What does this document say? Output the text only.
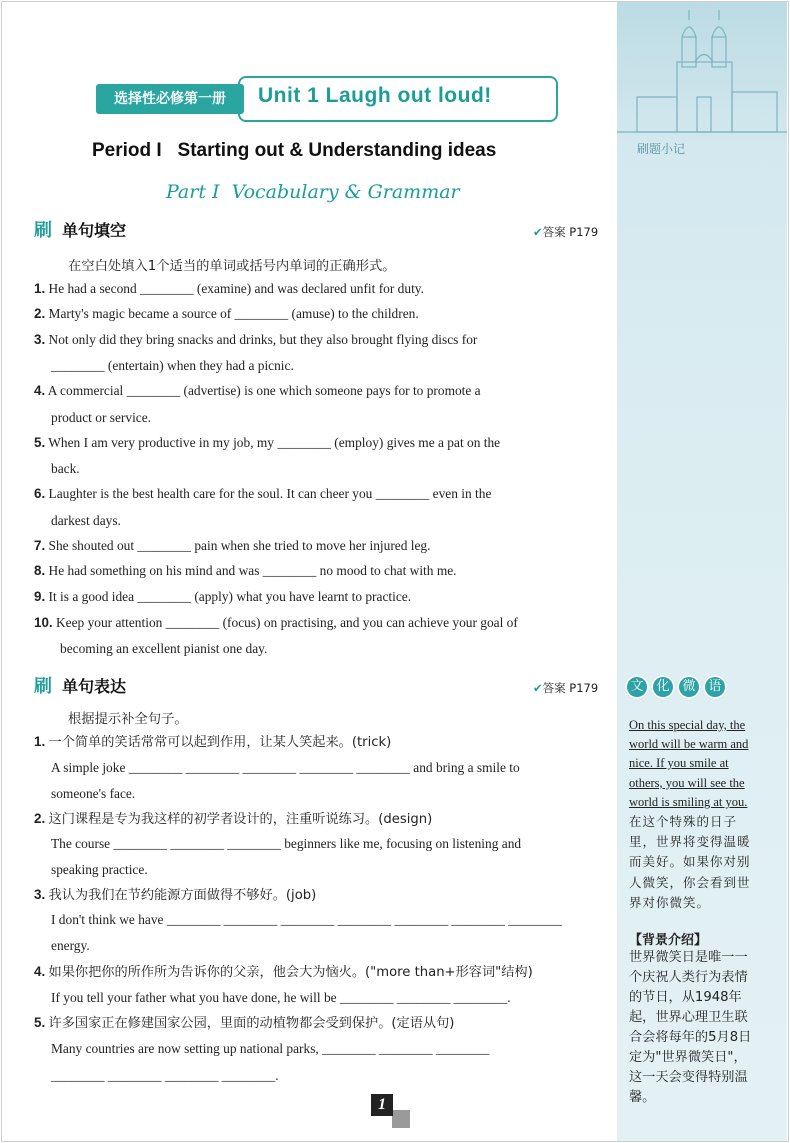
刷题小记
文 化 微 语
On this special day, the world will be warm and nice. If you smile at others, you will see the world is smiling at you.在这个特殊的日子里，世界将变得温暖而美好。如果你对别人微笑，你会看到世界对你微笑。
【背景介绍】
世界微笑日是唯一一个庆祝人类行为表情的节日，从1948年起，世界心理卫生联合会将每年的5月8日定为"世界微笑日"，这一天会变得特别温馨。
选择性必修第一册	Unit 1 Laugh out loud!
Period I   Starting out & Understanding ideas
Part I  Vocabulary & Grammar
刷 单句填空	✔答案 P179
在空白处填入1个适当的单词或括号内单词的正确形式。
1. He had a second ________ (examine) and was declared unfit for duty.
2. Marty's magic became a source of ________ (amuse) to the children.
3. Not only did they bring snacks and drinks, but they also brought flying discs for
________ (entertain) when they had a picnic.
4. A commercial ________ (advertise) is one which someone pays for to promote a
product or service.
5. When I am very productive in my job, my ________ (employ) gives me a pat on the
back.
6. Laughter is the best health care for the soul. It can cheer you ________ even in the
darkest days.
7. She shouted out ________ pain when she tried to move her injured leg.
8. He had something on his mind and was ________ no mood to chat with me.
9. It is a good idea ________ (apply) what you have learnt to practice.
10. Keep your attention ________ (focus) on practising, and you can achieve your goal of
becoming an excellent pianist one day.
刷 单句表达	✔答案 P179
根据提示补全句子。
1. 一个简单的笑话常常可以起到作用，让某人笑起来。(trick)
A simple joke ________ ________ ________ ________ ________ and bring a smile to
someone's face.
2. 这门课程是专为我这样的初学者设计的，注重听说练习。(design)
The course ________ ________ ________ beginners like me, focusing on listening and
speaking practice.
3. 我认为我们在节约能源方面做得不够好。(job)
I don't think we have ________ ________ ________ ________ ________ ________ ________
energy.
4. 如果你把你的所作所为告诉你的父亲，他会大为恼火。("more than+形容词"结构)
If you tell your father what you have done, he will be ________ ________ ________.
5. 许多国家正在修建国家公园，里面的动植物都会受到保护。(定语从句)
Many countries are now setting up national parks, ________ ________ ________
________ ________ ________ ________.
1
